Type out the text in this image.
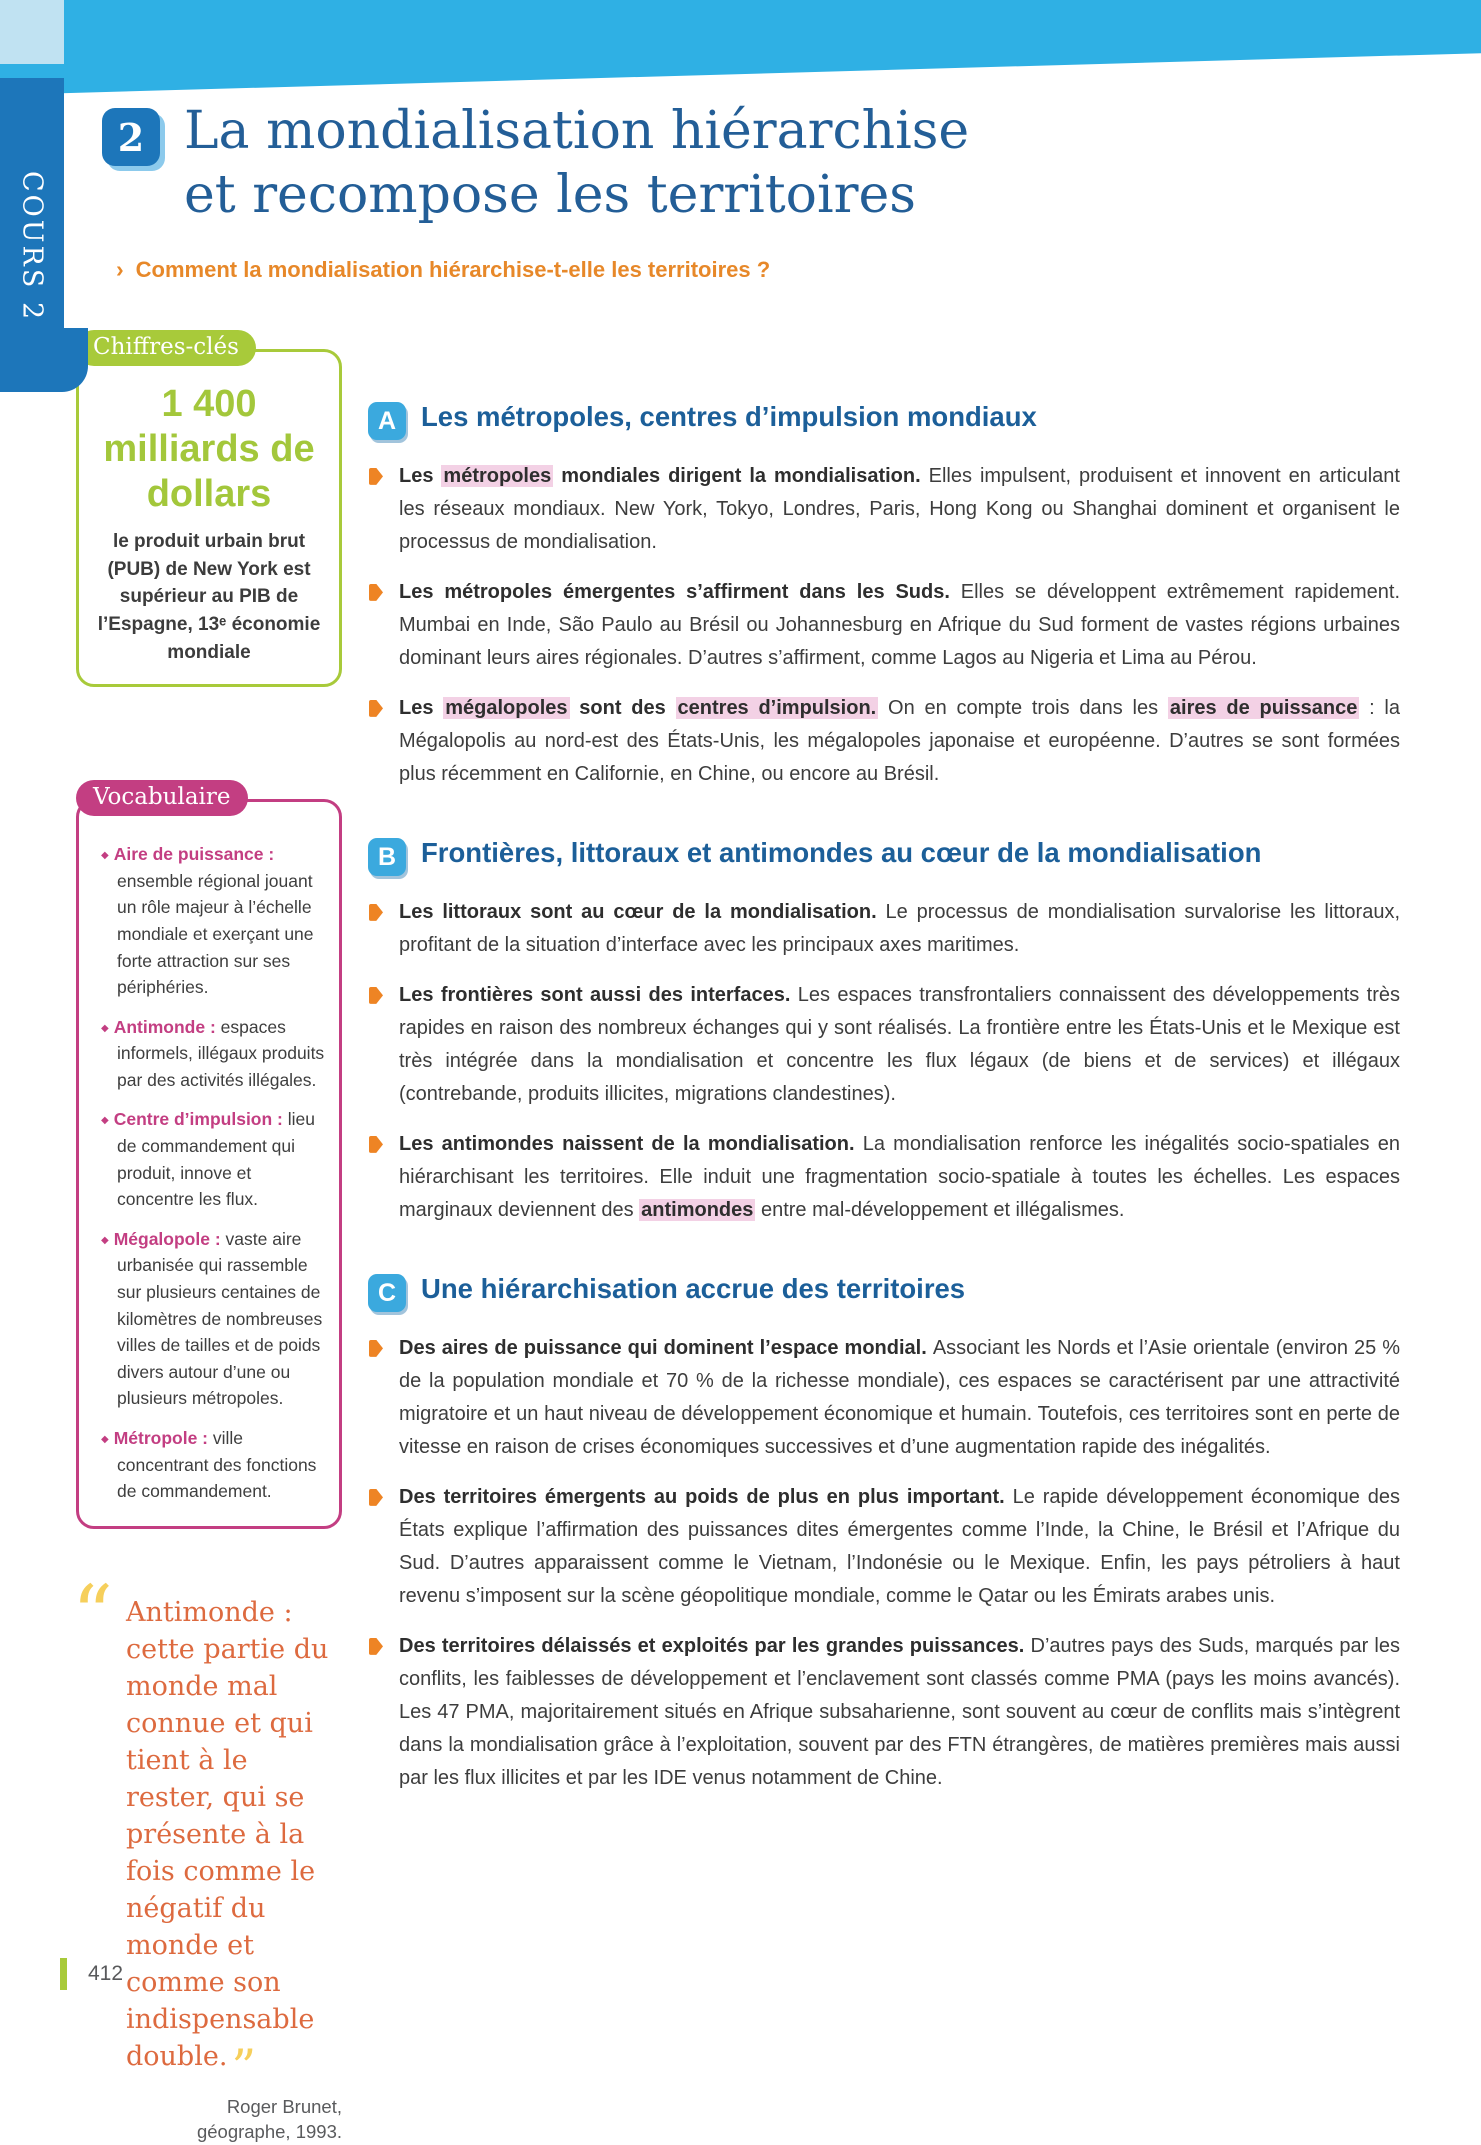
COURS 2
2 La mondialisation hiérarchise
et recompose les territoires

› Comment la mondialisation hiérarchise-t-elle les territoires ?

Chiffres-clés

1 400
milliards de
dollars

le produit urbain brut (PUB) de New York est supérieur au PIB de l’Espagne, 13ᵉ économie mondiale

Vocabulaire

◆ Aire de puissance : ensemble régional jouant un rôle majeur à l’échelle mondiale et exerçant une forte attraction sur ses périphéries.

◆ Antimonde : espaces informels, illégaux produits par des activités illégales.

◆ Centre d’impulsion : lieu de commandement qui produit, innove et concentre les flux.

◆ Mégalopole : vaste aire urbanisée qui rassemble sur plusieurs centaines de kilomètres de nombreuses villes de tailles et de poids divers autour d’une ou plusieurs métropoles.

◆ Métropole : ville concentrant des fonctions de commandement.

“ Antimonde : cette partie du monde mal connue et qui tient à le rester, qui se présente à la fois comme le négatif du monde et comme son indispensable double.”

Roger Brunet,
géographe, 1993.

A Les métropoles, centres d’impulsion mondiaux

Les métropoles mondiales dirigent la mondialisation. Elles impulsent, produisent et innovent en articulant les réseaux mondiaux. New York, Tokyo, Londres, Paris, Hong Kong ou Shanghai dominent et organisent le processus de mondialisation.

Les métropoles émergentes s’affirment dans les Suds. Elles se développent extrêmement rapidement. Mumbai en Inde, São Paulo au Brésil ou Johannesburg en Afrique du Sud forment de vastes régions urbaines dominant leurs aires régionales. D’autres s’affirment, comme Lagos au Nigeria et Lima au Pérou.

Les mégalopoles sont des centres d’impulsion. On en compte trois dans les aires de puissance : la Mégalopolis au nord-est des États-Unis, les mégalopoles japonaise et européenne. D’autres se sont formées plus récemment en Californie, en Chine, ou encore au Brésil.

B Frontières, littoraux et antimondes au cœur de la mondialisation

Les littoraux sont au cœur de la mondialisation. Le processus de mondialisation survalorise les littoraux, profitant de la situation d’interface avec les principaux axes maritimes.

Les frontières sont aussi des interfaces. Les espaces transfrontaliers connaissent des développements très rapides en raison des nombreux échanges qui y sont réalisés. La frontière entre les États-Unis et le Mexique est très intégrée dans la mondialisation et concentre les flux légaux (de biens et de services) et illégaux (contrebande, produits illicites, migrations clandestines).

Les antimondes naissent de la mondialisation. La mondialisation renforce les inégalités socio-spatiales en hiérarchisant les territoires. Elle induit une fragmentation socio-spatiale à toutes les échelles. Les espaces marginaux deviennent des antimondes entre mal-développement et illégalismes.

C Une hiérarchisation accrue des territoires

Des aires de puissance qui dominent l’espace mondial. Associant les Nords et l’Asie orientale (environ 25 % de la population mondiale et 70 % de la richesse mondiale), ces espaces se caractérisent par une attractivité migratoire et un haut niveau de développement économique et humain. Toutefois, ces territoires sont en perte de vitesse en raison de crises économiques successives et d’une augmentation rapide des inégalités.

Des territoires émergents au poids de plus en plus important. Le rapide développement économique des États explique l’affirmation des puissances dites émergentes comme l’Inde, la Chine, le Brésil et l’Afrique du Sud. D’autres apparaissent comme le Vietnam, l’Indonésie ou le Mexique. Enfin, les pays pétroliers à haut revenu s’imposent sur la scène géopolitique mondiale, comme le Qatar ou les Émirats arabes unis.

Des territoires délaissés et exploités par les grandes puissances. D’autres pays des Suds, marqués par les conflits, les faiblesses de développement et l’enclavement sont classés comme PMA (pays les moins avancés). Les 47 PMA, majoritairement situés en Afrique subsaharienne, sont souvent au cœur de conflits mais s’intègrent dans la mondialisation grâce à l’exploitation, souvent par des FTN étrangères, de matières premières mais aussi par les flux illicites et par les IDE venus notamment de Chine.

412
